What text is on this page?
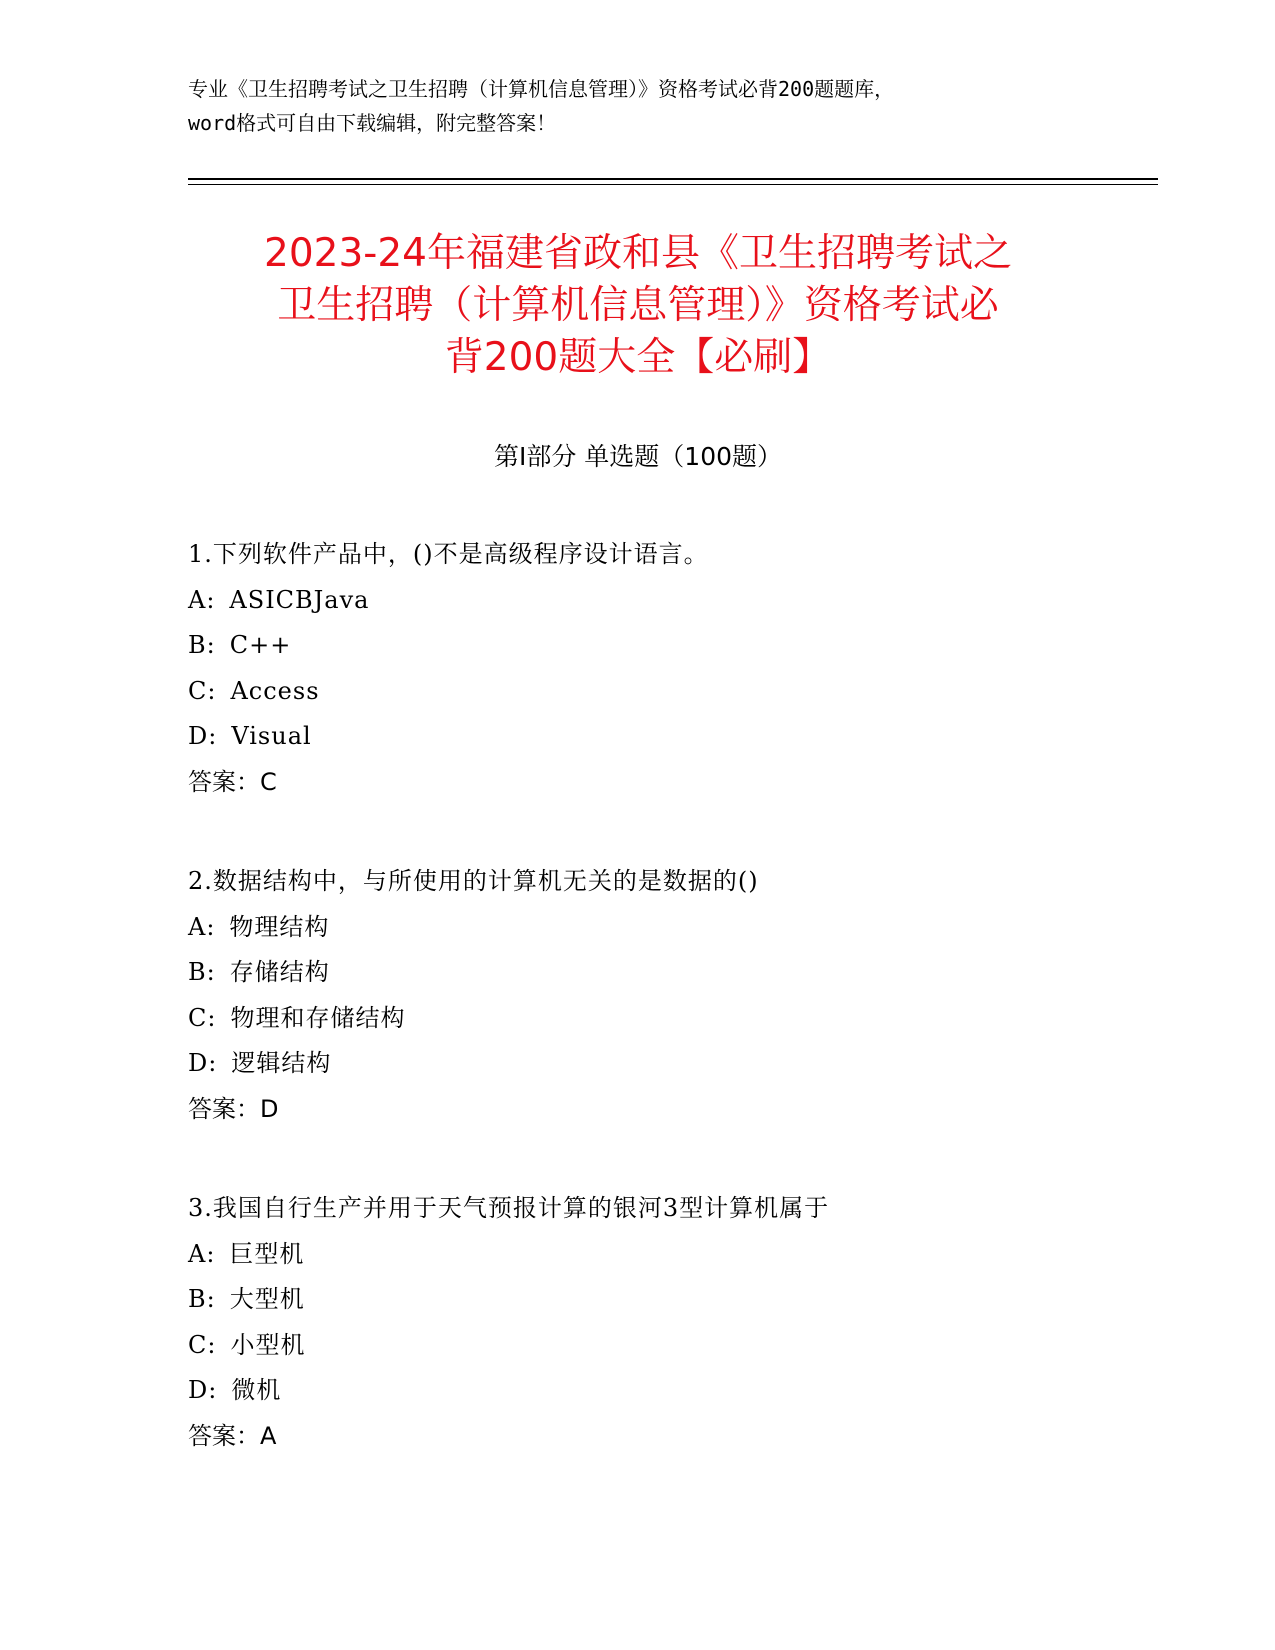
专业《卫生招聘考试之卫生招聘（计算机信息管理）》资格考试必背200题题库，
word格式可自由下载编辑，附完整答案！
2023-24年福建省政和县《卫生招聘考试之
卫生招聘（计算机信息管理）》资格考试必
背200题大全【必刷】
第Ⅰ部分 单选题（100题）
1.下列软件产品中，()不是高级程序设计语言。
A: ASICBJava
B: C++
C: Access
D: Visual
答案：C
2.数据结构中，与所使用的计算机无关的是数据的()
A: 物理结构
B: 存储结构
C: 物理和存储结构
D: 逻辑结构
答案：D
3.我国自行生产并用于天气预报计算的银河3型计算机属于
A: 巨型机
B: 大型机
C: 小型机
D: 微机
答案：A
